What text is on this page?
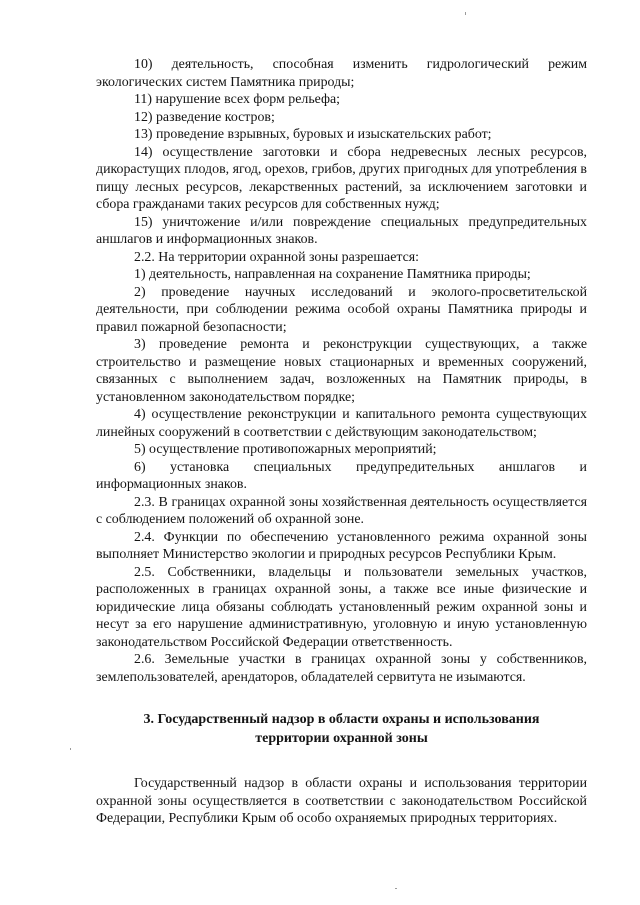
10) деятельность, способная изменить гидрологический режим экологических систем Памятника природы;

11) нарушение всех форм рельефа;

12) разведение костров;

13) проведение взрывных, буровых и изыскательских работ;

14) осуществление заготовки и сбора недревесных лесных ресурсов, дикорастущих плодов, ягод, орехов, грибов, других пригодных для употребления в пищу лесных ресурсов, лекарственных растений, за исключением заготовки и сбора гражданами таких ресурсов для собственных нужд;

15) уничтожение и/или повреждение специальных предупредительных аншлагов и информационных знаков.

2.2. На территории охранной зоны разрешается:

1) деятельность, направленная на сохранение Памятника природы;

2) проведение научных исследований и эколого-просветительской деятельности, при соблюдении режима особой охраны Памятника природы и правил пожарной безопасности;

3) проведение ремонта и реконструкции существующих, а также строительство и размещение новых стационарных и временных сооружений, связанных с выполнением задач, возложенных на Памятник природы, в установленном законодательством порядке;

4) осуществление реконструкции и капитального ремонта существующих линейных сооружений в соответствии с действующим законодательством;

5) осуществление противопожарных мероприятий;

6) установка специальных предупредительных аншлагов и информационных знаков.

2.3. В границах охранной зоны хозяйственная деятельность осуществляется с соблюдением положений об охранной зоне.

2.4. Функции по обеспечению установленного режима охранной зоны выполняет Министерство экологии и природных ресурсов Республики Крым.

2.5. Собственники, владельцы и пользователи земельных участков, расположенных в границах охранной зоны, а также все иные физические и юридические лица обязаны соблюдать установленный режим охранной зоны и несут за его нарушение административную, уголовную и иную установленную законодательством Российской Федерации ответственность.

2.6. Земельные участки в границах охранной зоны у собственников, землепользователей, арендаторов, обладателей сервитута не изымаются.

3. Государственный надзор в области охраны и использования
территории охранной зоны

Государственный надзор в области охраны и использования территории охранной зоны осуществляется в соответствии с законодательством Российской Федерации, Республики Крым об особо охраняемых природных территориях.
